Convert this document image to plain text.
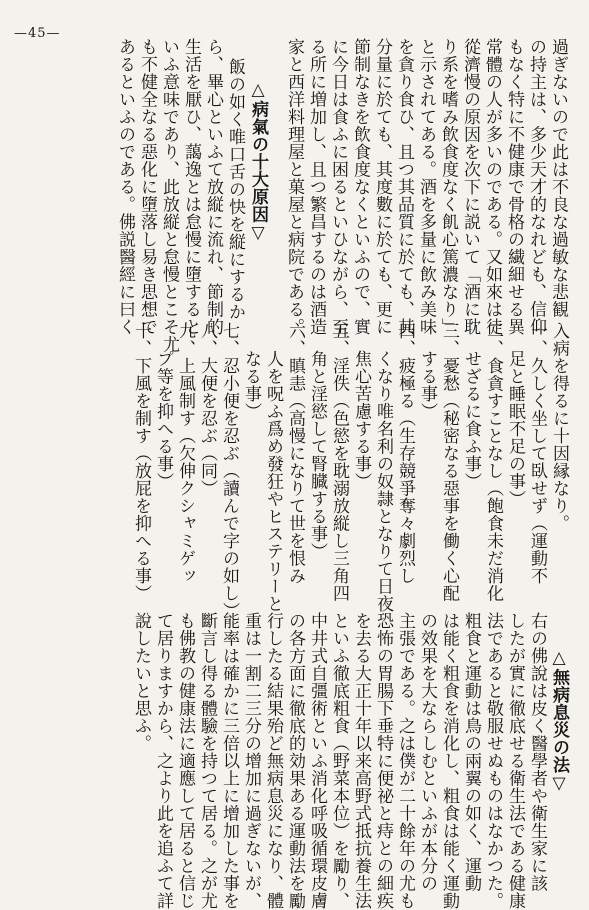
—45—
過ぎないので此は不良な過敏な悲観
の持主は、多少天才的なれども、信仰
もなく特に不健康で骨格の繊細せる異
常體の人が多いのである。又如來は徒
從濟慢の原因を次下に説いて「酒に耽
り系を嗜み飲食度なく飢心篤濃なり」
と示されてある。酒を多量に飲み美味
を貪り食ひ、且つ其品質に於ても、其
分量に於ても、其度數に於ても、更に
節制なきを飲食度なくといふので、實
に今日は食ふに困るといひながら、至
る所に増加し、且つ繁昌するのは酒造
家と西洋料理屋と菓屋と病院である。
△病氣の十大原因▽
飯の如く唯口舌の快を縦にするか
ら、畢心といふて放縦に流れ、節制的
生活を厭ひ、藹逸とは怠慢に墮すると
いふ意味であり、此放縦と怠慢とこそ尤
も不健全なる惡化に墮落し易き思想で
あるといふのである。佛説醫經に曰く
入病を得るに十因縁なり。
一、久しく坐して臥せず（運動不
足と睡眠不足の事）
二、食貪すことなし（飽食未だ消化
せざるに食ふ事）
三、憂愁（秘密なる惡事を働く心配
する事）
四、疲極る（生存競爭奪々劇烈し
くなり唯名利の奴隷となりて日夜
焦心苦慮する事）
五、淫佚（色慾を耽溺放縦し三角四
角と淫慾して腎臓する事）
六、瞋恚（高慢になりて世を恨み
人を呪ふ爲め發狂やヒステリーと
なる事）
七、忍小便を忍ぶ（讀んで字の如し）
八、大便を忍ぶ（同）
九、上風制す（欠伸クシャミゲッ
プ等を抑へる事）
十、下風を制す（放屁を抑へる事）
△無病息災の法▽
右の佛說は皮く醫學者や衛生家に該
したが實に徹底せる衛生法である健康
法であると敬服せぬものはなかつた。
粗食と運動は鳥の兩翼の如く、運動
は能く粗食を消化し、粗食は能く運動
の效果を大ならしむといふが本分の
主張である。之は僕が二十餘年の尤も
恐怖の胃腸下垂特に便祕と痔との細疾
を去る大正十年以来高野式抵抗養生法
といふ徹底粗食（野菜本位）を勵り、
中井式自彊術といふ消化呼吸循環皮膚
の各方面に徹底的効果ある運動法を勵
行したる結果殆ど無病息災になり、體
重は一割二三分の增加に過ぎないが、
能率は確かに三倍以上に增加した事を
斷言し得る體驗を持つて居る。之が尤
も佛教の健康法に適應して居ると信じ
て居りますから、之より此を追ふて詳
說したいと思ふ。
